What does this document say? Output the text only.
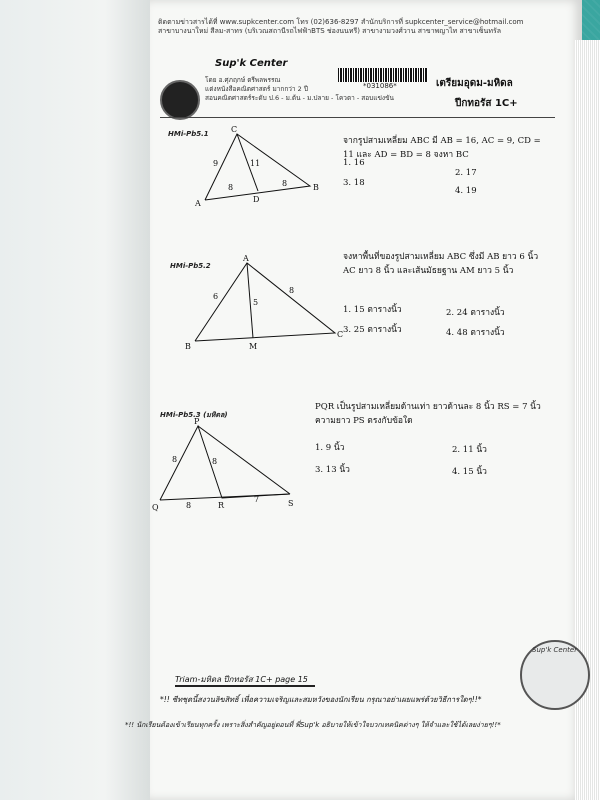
ติดตามข่าวสารได้ที่ www.supkcenter.com โทร (02)636-8297 สำนักบริการที่ supkcenter_service@hotmail.com สาขาบางนาใหม่ สีลม-สาทร (บริเวณสถานีรถไฟฟ้าBTS ช่องนนทรี) สาขางามวงศ์วาน สาขาพญาไท สาขาเซ็นทรัล
Sup'k Center
โดย อ.ศุภฤกษ์ ตรีพลพรรณ
แต่งหนังสือคณิตศาสตร์ มากกว่า 2 ปี
สอนคณิตศาสตร์ระดับ ป.6 - ม.ต้น - ม.ปลาย - โควตา - สอบแข่งขัน
*031086*	เตรียมอุดม-มหิดล
ปีกทอรัส 1C+
HMi-Pb5.1
A
C
B
D
9	11
8	8
จากรูปสามเหลี่ยม ABC มี AB = 16, AC = 9, CD = 11 และ AD = BD = 8 จงหา BC
1. 16
2. 17
3. 18
4. 19
HMi-Pb5.2
B
A
C
M
6
5
8
จงหาพื้นที่ของรูปสามเหลี่ยม ABC ซึ่งมี AB ยาว 6 นิ้ว AC ยาว 8 นิ้ว และเส้นมัธยฐาน AM ยาว 5 นิ้ว
1. 15 ตารางนิ้ว	2. 24 ตารางนิ้ว
3. 25 ตารางนิ้ว	4. 48 ตารางนิ้ว
HMi-Pb5.3 (มหิดล)
P
Q	R	S
8	8
8
7
PQR เป็นรูปสามเหลี่ยมด้านเท่า ยาวด้านละ 8 นิ้ว RS = 7 นิ้ว ความยาว PS ตรงกับข้อใด
1. 9 นิ้ว	2. 11 นิ้ว
3. 13 นิ้ว	4. 15 นิ้ว
Triam-มหิดล ปีกทอรัส 1C+ page 15
*!! ซีทชุดนี้สงวนลิขสิทธิ์ เพื่อความเจริญและสมหวังของนักเรียน กรุณาอย่าเผยแพร่ด้วยวิธีการใดๆ!!*
*!! นักเรียนต้องเข้าเรียนทุกครั้ง เพราะสิ่งสำคัญอยู่ตอนที่ พี่Sup'k อธิบายให้เข้าใจบวกเทคนิคต่างๆ ให้จำและใช้ได้เลยง่ายๆ!!*
Sup'k Center
